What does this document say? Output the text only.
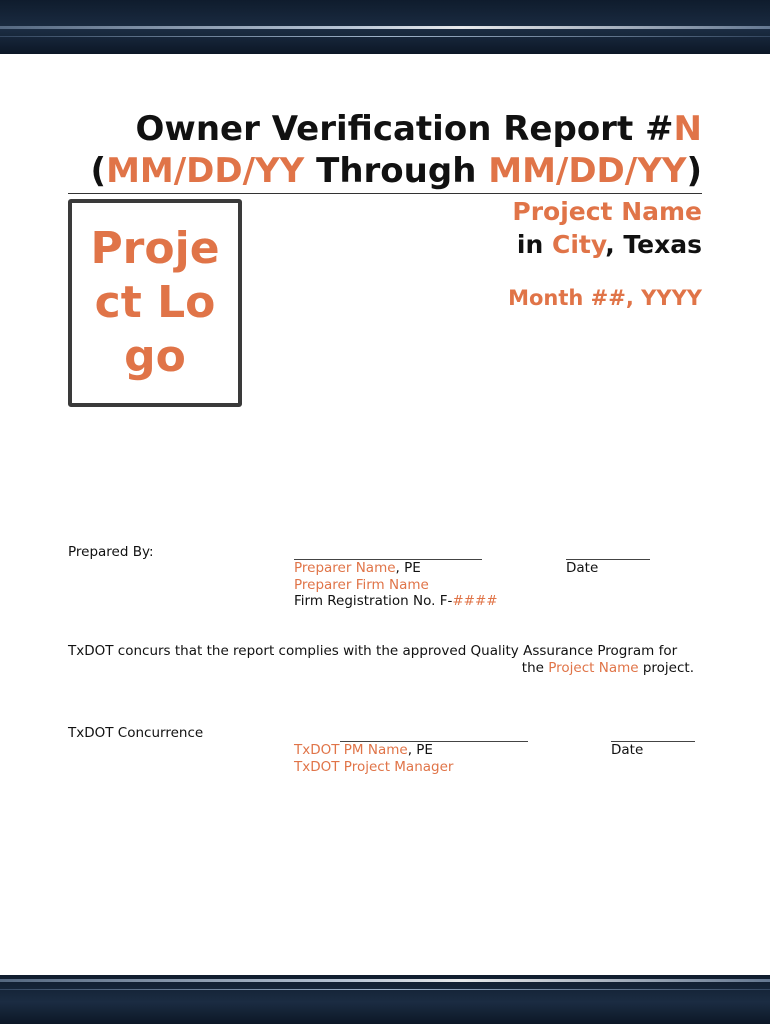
Owner Verification Report #N
(MM/DD/YY Through MM/DD/YY)
Project Logo
Project Name
in City, Texas
Month ##, YYYY
Prepared By:
Preparer Name, PE	Date
Preparer Firm Name
Firm Registration No. F-####
TxDOT concurs that the report complies with the approved Quality Assurance Program for
the Project Name project.
TxDOT Concurrence
TxDOT PM Name, PE	Date
TxDOT Project Manager
